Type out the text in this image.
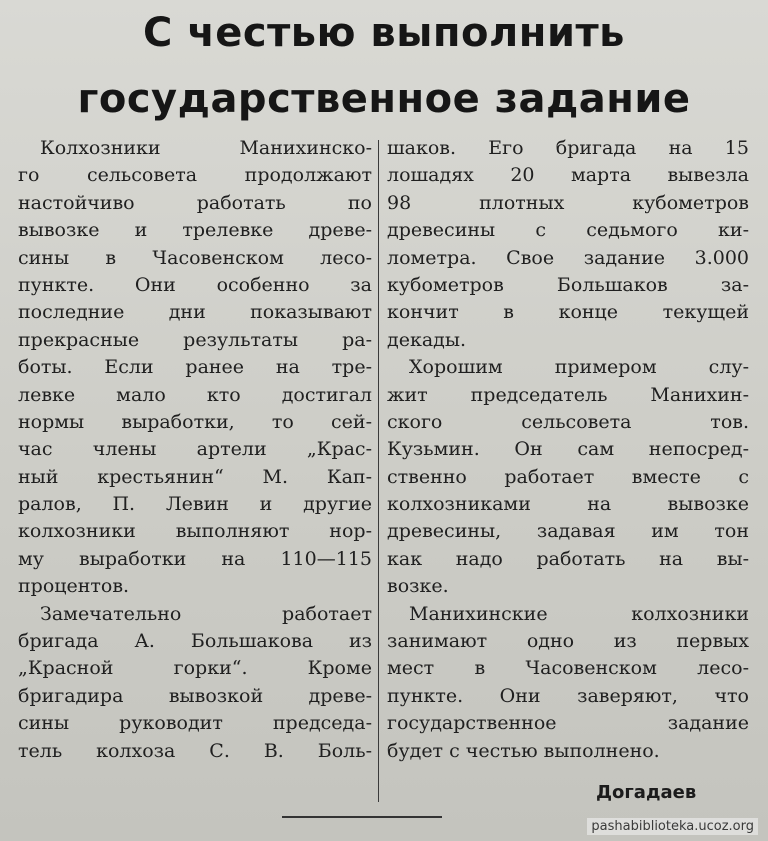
С честью выполнить
государственное задание
Колхозники Манихинско-
го сельсовета продолжают
настойчиво работать по
вывозке и трелевке древе-
сины в Часовенском лесо-
пункте. Они особенно за
последние дни показывают
прекрасные результаты ра-
боты. Если ранее на тре-
левке мало кто достигал
нормы выработки, то сей-
час члены артели „Крас-
ный крестьянин“ М. Кап-
ралов, П. Левин и другие
колхозники выполняют нор-
му выработки на 110—115
процентов.
Замечательно работает
бригада А. Большакова из
„Красной горки“. Кроме
бригадира вывозкой древе-
сины руководит председа-
тель колхоза С. В. Боль-
шаков. Его бригада на 15
лошадях 20 марта вывезла
98 плотных кубометров
древесины с седьмого ки-
лометра. Свое задание 3.000
кубометров Большаков за-
кончит в конце текущей
декады.
Хорошим примером слу-
жит председатель Манихин-
ского сельсовета тов.
Кузьмин. Он сам непосред-
ственно работает вместе с
колхозниками на вывозке
древесины, задавая им тон
как надо работать на вы-
возке.
Манихинские колхозники
занимают одно из первых
мест в Часовенском лесо-
пункте. Они заверяют, что
государственное задание
будет с честью выполнено.
Догадаев
pashabiblioteka.ucoz.org
